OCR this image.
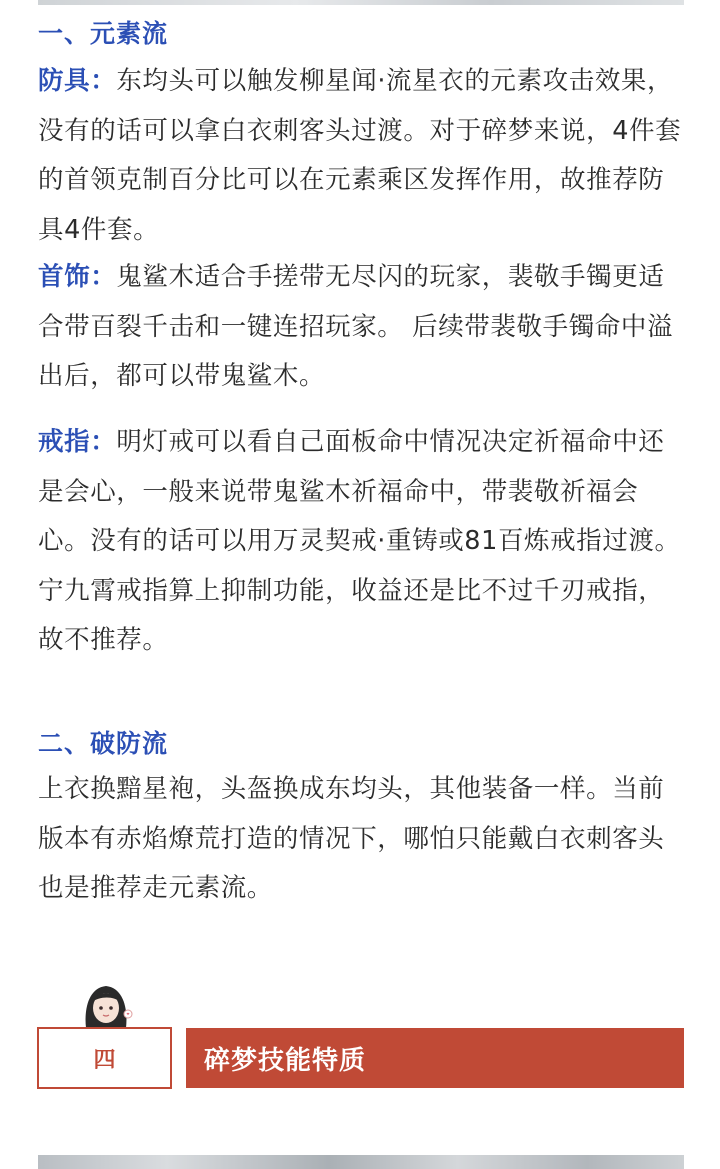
一、元素流
防具：东均头可以触发柳星闻·流星衣的元素攻击效果，没有的话可以拿白衣刺客头过渡。对于碎梦来说，4件套的首领克制百分比可以在元素乘区发挥作用，故推荐防具4件套。
首饰：鬼鲨木适合手搓带无尽闪的玩家，裴敬手镯更适合带百裂千击和一键连招玩家。 后续带裴敬手镯命中溢出后，都可以带鬼鲨木。
戒指：明灯戒可以看自己面板命中情况决定祈福命中还是会心，一般来说带鬼鲨木祈福命中，带裴敬祈福会心。没有的话可以用万灵契戒·重铸或81百炼戒指过渡。宁九霄戒指算上抑制功能，收益还是比不过千刃戒指，故不推荐。
二、破防流
上衣换黯星袍，头盔换成东均头，其他装备一样。当前版本有赤焰燎荒打造的情况下，哪怕只能戴白衣刺客头也是推荐走元素流。
四	碎梦技能特质
